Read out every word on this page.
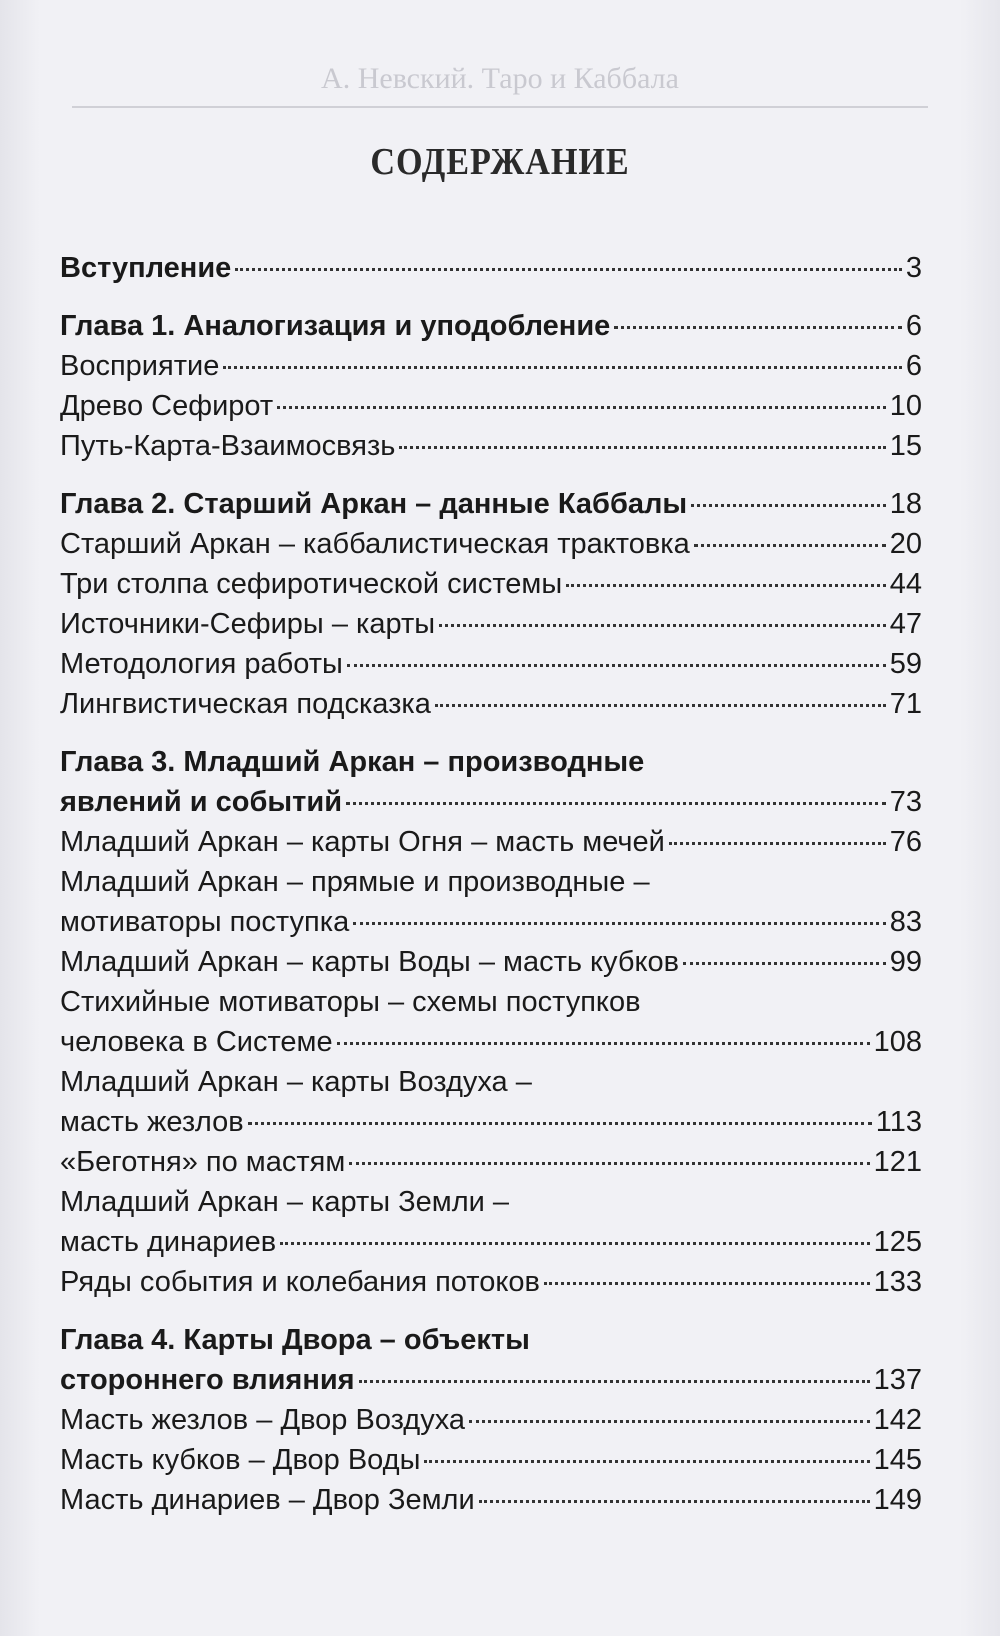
А. Невский. Таро и Каббала
СОДЕРЖАНИЕ
Вступление	3
Глава 1. Аналогизация и уподобление	6
Восприятие	6
Древо Сефирот	10
Путь-Карта-Взаимосвязь	15
Глава 2. Старший Аркан – данные Каббалы	18
Старший Аркан – каббалистическая трактовка	20
Три столпа сефиротической системы	44
Источники-Сефиры – карты	47
Методология работы	59
Лингвистическая подсказка	71
Глава 3. Младший Аркан – производные
явлений и событий	73
Младший Аркан – карты Огня – масть мечей	76
Младший Аркан – прямые и производные –
мотиваторы поступка	83
Младший Аркан – карты Воды – масть кубков	99
Стихийные мотиваторы – схемы поступков
человека в Системе	108
Младший Аркан – карты Воздуха –
масть жезлов	113
«Беготня» по мастям	121
Младший Аркан – карты Земли –
масть динариев	125
Ряды события и колебания потоков	133
Глава 4. Карты Двора – объекты
стороннего влияния	137
Масть жезлов – Двор Воздуха	142
Масть кубков – Двор Воды	145
Масть динариев – Двор Земли	149
